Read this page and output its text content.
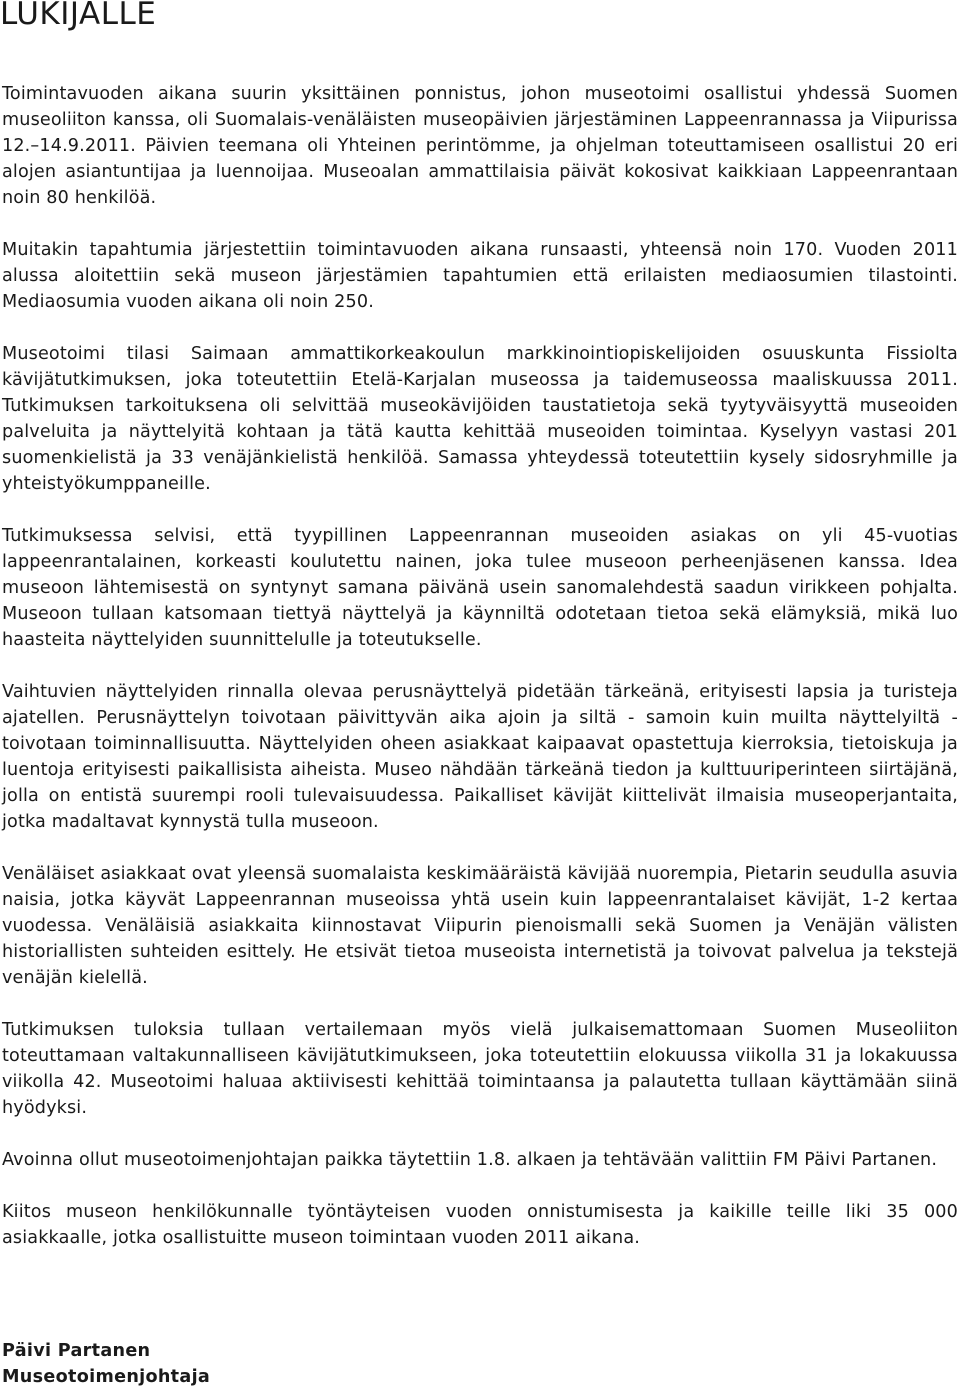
LUKIJALLE

Toimintavuoden aikana suurin yksittäinen ponnistus, johon museotoimi osallistui yhdessä Suomen museoliiton kanssa, oli Suomalais-venäläisten museopäivien järjestäminen Lappeenrannassa ja Viipurissa 12.–14.9.2011. Päivien teemana oli Yhteinen perintömme, ja ohjelman toteuttamiseen osallistui 20 eri alojen asiantuntijaa ja luennoijaa. Museoalan ammattilaisia päivät kokosivat kaikkiaan Lappeenrantaan noin 80 henkilöä.

Muitakin tapahtumia järjestettiin toimintavuoden aikana runsaasti, yhteensä noin 170. Vuoden 2011 alussa aloitettiin sekä museon järjestämien tapahtumien että erilaisten mediaosumien tilastointi. Mediaosumia vuoden aikana oli noin 250.

Museotoimi tilasi Saimaan ammattikorkeakoulun markkinointiopiskelijoiden osuuskunta Fissiolta kävijätutkimuksen, joka toteutettiin Etelä-Karjalan museossa ja taidemuseossa maaliskuussa 2011. Tutkimuksen tarkoituksena oli selvittää museokävijöiden taustatietoja sekä tyytyväisyyttä museoiden palveluita ja näyttelyitä kohtaan ja tätä kautta kehittää museoiden toimintaa. Kyselyyn vastasi 201 suomenkielistä ja 33 venäjänkielistä henkilöä. Samassa yhteydessä toteutettiin kysely sidosryhmille ja yhteistyökumppaneille.

Tutkimuksessa selvisi, että tyypillinen Lappeenrannan museoiden asiakas on yli 45-vuotias lappeenrantalainen, korkeasti koulutettu nainen, joka tulee museoon perheenjäsenen kanssa. Idea museoon lähtemisestä on syntynyt samana päivänä usein sanomalehdestä saadun virikkeen pohjalta. Museoon tullaan katsomaan tiettyä näyttelyä ja käynniltä odotetaan tietoa sekä elämyksiä, mikä luo haasteita näyttelyiden suunnittelulle ja toteutukselle.

Vaihtuvien näyttelyiden rinnalla olevaa perusnäyttelyä pidetään tärkeänä, erityisesti lapsia ja turisteja ajatellen. Perusnäyttelyn toivotaan päivittyvän aika ajoin ja siltä - samoin kuin muilta näyttelyiltä - toivotaan toiminnallisuutta. Näyttelyiden oheen asiakkaat kaipaavat opastettuja kierroksia, tietoiskuja ja luentoja erityisesti paikallisista aiheista. Museo nähdään tärkeänä tiedon ja kulttuuriperinteen siirtäjänä, jolla on entistä suurempi rooli tulevaisuudessa. Paikalliset kävijät kiittelivät ilmaisia museoperjantaita, jotka madaltavat kynnystä tulla museoon.

Venäläiset asiakkaat ovat yleensä suomalaista keskimääräistä kävijää nuorempia, Pietarin seudulla asuvia naisia, jotka käyvät Lappeenrannan museoissa yhtä usein kuin lappeenrantalaiset kävijät, 1-2 kertaa vuodessa. Venäläisiä asiakkaita kiinnostavat Viipurin pienoismalli sekä Suomen ja Venäjän välisten historiallisten suhteiden esittely. He etsivät tietoa museoista internetistä ja toivovat palvelua ja tekstejä venäjän kielellä.

Tutkimuksen tuloksia tullaan vertailemaan myös vielä julkaisemattomaan Suomen Museoliiton toteuttamaan valtakunnalliseen kävijätutkimukseen, joka toteutettiin elokuussa viikolla 31 ja lokakuussa viikolla 42. Museotoimi haluaa aktiivisesti kehittää toimintaansa ja palautetta tullaan käyttämään siinä hyödyksi.

Avoinna ollut museotoimenjohtajan paikka täytettiin 1.8. alkaen ja tehtävään valittiin FM Päivi Partanen.

Kiitos museon henkilökunnalle työntäyteisen vuoden onnistumisesta ja kaikille teille liki 35 000 asiakkaalle, jotka osallistuitte museon toimintaan vuoden 2011 aikana.

Päivi Partanen
Museotoimenjohtaja
